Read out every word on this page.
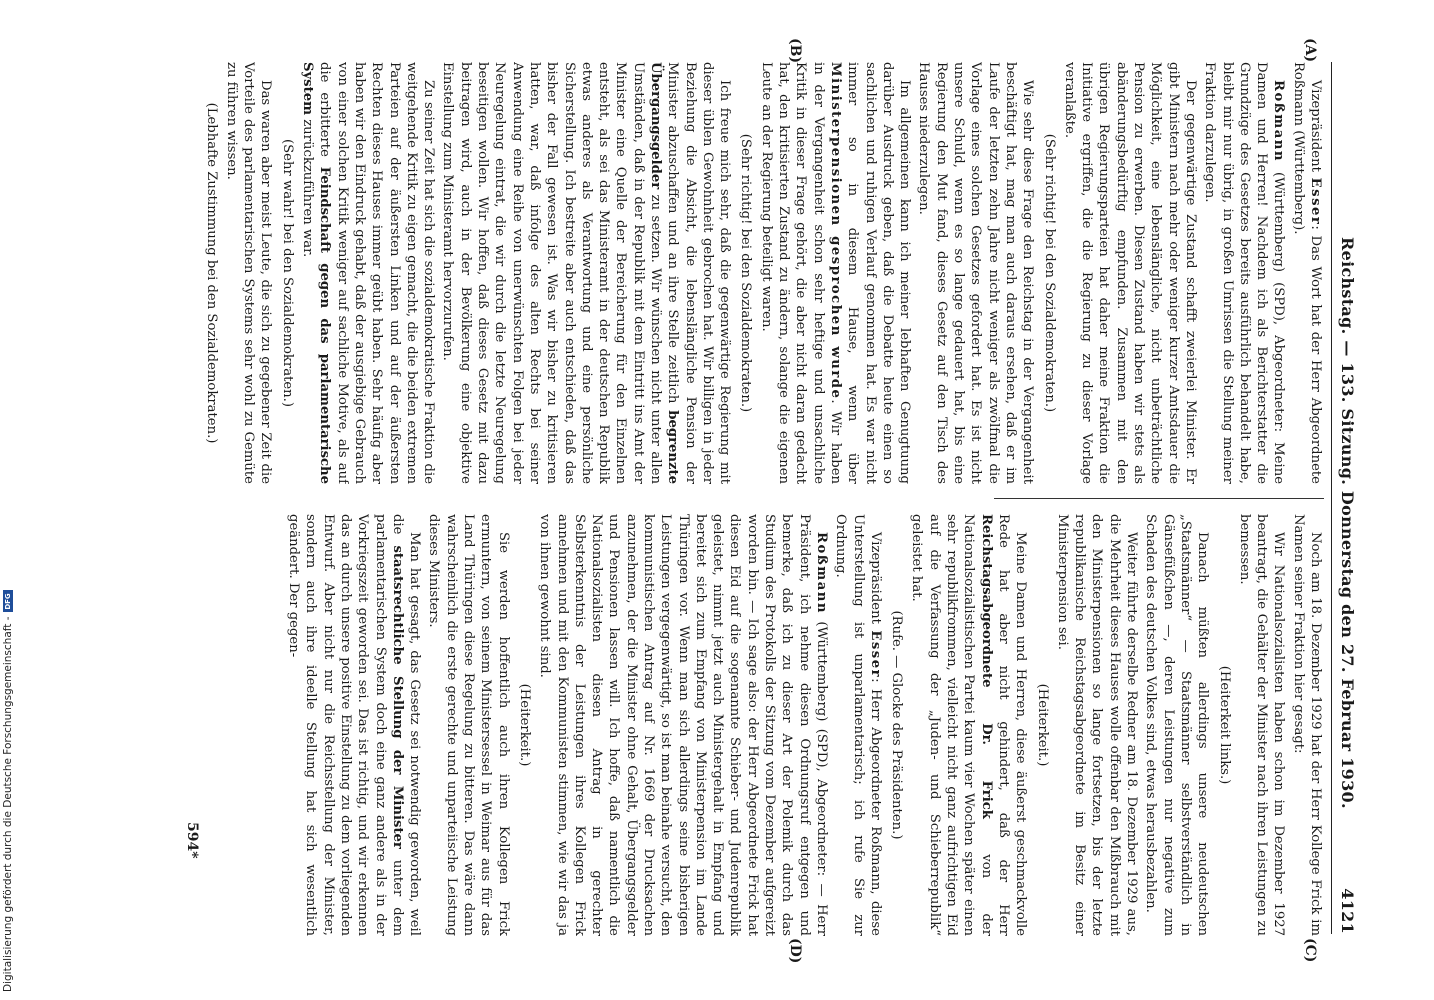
Reichstag. — 133. Sitzung. Donnerstag den 27. Februar 1930.
4121
(A)
(B)
(C)
(D)

Vizepräsident Esser: Das Wort hat der Herr Abgeordnete Roßmann (Württemberg).

Roßmann (Württemberg) (SPD), Abgeordneter: Meine Damen und Herren! Nachdem ich als Berichterstatter die Grundzüge des Gesetzes bereits ausführlich behandelt habe, bleibt mir nur übrig, in großen Umrissen die Stellung meiner Fraktion darzulegen.

Der gegenwärtige Zustand schafft zweierlei Minister. Er gibt Ministern nach mehr oder weniger kurzer Amtsdauer die Möglichkeit, eine lebenslängliche, nicht unbeträchtliche Pension zu erwerben. Diesen Zustand haben wir stets als abänderungsbedürftig empfunden. Zusammen mit den übrigen Regierungsparteien hat daher meine Fraktion die Initiative ergriffen, die die Regierung zu dieser Vorlage veranlaßte.

(Sehr richtig! bei den Sozialdemokraten.)

Wie sehr diese Frage den Reichstag in der Vergangenheit beschäftigt hat, mag man auch daraus ersehen, daß er im Laufe der letzten zehn Jahre nicht weniger als zwölfmal die Vorlage eines solchen Gesetzes gefordert hat. Es ist nicht unsere Schuld, wenn es so lange gedauert hat, bis eine Regierung den Mut fand, dieses Gesetz auf den Tisch des Hauses niederzulegen.

Im allgemeinen kann ich meiner lebhaften Genugtuung darüber Ausdruck geben, daß die Debatte heute einen so sachlichen und ruhigen Verlauf genommen hat. Es war nicht immer so in diesem Hause, wenn über Ministerpensionen gesprochen wurde. Wir haben in der Vergangenheit schon sehr heftige und unsachliche Kritik in dieser Frage gehört, die aber nicht daran gedacht hat, den kritisierten Zustand zu ändern, solange die eigenen Leute an der Regierung beteiligt waren.

(Sehr richtig! bei den Sozialdemokraten.)

Ich freue mich sehr, daß die gegenwärtige Regierung mit dieser üblen Gewohnheit gebrochen hat. Wir billigen in jeder Beziehung die Absicht, die lebenslängliche Pension der Minister abzuschaffen und an ihre Stelle zeitlich begrenzte Übergangsgelder zu setzen. Wir wünschen nicht unter allen Umständen, daß in der Republik mit dem Eintritt ins Amt der Minister eine Quelle der Bereicherung für den Einzelnen entsteht, als sei das Ministeramt in der deutschen Republik etwas anderes als Verantwortung und eine persönliche Sicherstellung. Ich bestreite aber auch entschieden, daß das bisher der Fall gewesen ist. Was wir bisher zu kritisieren hatten, war, daß infolge des alten Rechts bei seiner Anwendung eine Reihe von unerwünschten Folgen bei jeder Neuregelung eintrat, die wir durch die letzte Neuregelung beseitigen wollen. Wir hoffen, daß dieses Gesetz mit dazu beitragen wird, auch in der Bevölkerung eine objektive Einstellung zum Ministeramt hervorzurufen.

Zu seiner Zeit hat sich die sozialdemokratische Fraktion die weitgehende Kritik zu eigen gemacht, die die beiden extremen Parteien auf der äußersten Linken und auf der äußersten Rechten dieses Hauses immer geübt haben. Sehr häufig aber haben wir den Eindruck gehabt, daß der ausgiebige Gebrauch von einer solchen Kritik weniger auf sachliche Motive, als auf die erbitterte Feindschaft gegen das parlamentarische System zurückzuführen war.

(Sehr wahr! bei den Sozialdemokraten.)

Das waren aber meist Leute, die sich zu gegebener Zeit die Vorteile des parlamentarischen Systems sehr wohl zu Gemüte zu führen wissen.

(Lebhafte Zustimmung bei den Sozialdemokraten.)

Noch am 18. Dezember 1929 hat der Herr Kollege Frick im Namen seiner Fraktion hier gesagt:

Wir Nationalsozialisten haben schon im Dezember 1927 beantragt, die Gehälter der Minister nach ihren Leistungen zu bemessen.

(Heiterkeit links.)

Danach müßten allerdings unsere neudeutschen „Staatsmänner“ — Staatsmänner selbstverständlich in Gänsefüßchen —, deren Leistungen nur negative zum Schaden des deutschen Volkes sind, etwas herausbezahlen.

Weiter führte derselbe Redner am 18. Dezember 1929 aus, die Mehrheit dieses Hauses wolle offenbar den Mißbrauch mit den Ministerpensionen so lange fortsetzen, bis der letzte republikanische Reichstagsabgeordnete im Besitz einer Ministerpension sei.

(Heiterkeit.)

Meine Damen und Herren, diese äußerst geschmackvolle Rede hat aber nicht gehindert, daß der Herr Reichstagsabgeordnete Dr. Frick von der Nationalsozialistischen Partei kaum vier Wochen später einen sehr republikfrommen, vielleicht nicht ganz aufrichtigen Eid auf die Verfassung der „Juden- und Schieberrepublik“ geleistet hat.

(Rufe. — Glocke des Präsidenten.)

Vizepräsident Esser: Herr Abgeordneter Roßmann, diese Unterstellung ist unparlamentarisch; ich rufe Sie zur Ordnung.

Roßmann (Württemberg) (SPD), Abgeordneter: — Herr Präsident, ich nehme diesen Ordnungsruf entgegen und bemerke, daß ich zu dieser Art der Polemik durch das Studium des Protokolls der Sitzung vom Dezember aufgereizt worden bin. — Ich sage also: der Herr Abgeordnete Frick hat diesen Eid auf die sogenannte Schieber- und Judenrepublik geleistet, nimmt jetzt auch Ministergehalt in Empfang und bereitet sich zum Empfang von Ministerpension im Lande Thüringen vor. Wenn man sich allerdings seine bisherigen Leistungen vergegenwärtigt, so ist man beinahe versucht, den kommunistischen Antrag auf Nr. 1669 der Drucksachen anzunehmen, der die Minister ohne Gehalt, Übergangsgelder und Pensionen lassen will. Ich hoffe, daß namentlich die Nationalsozialisten diesen Antrag in gerechter Selbsterkenntnis der Leistungen ihres Kollegen Frick annehmen und mit den Kommunisten stimmen, wie wir das ja von ihnen gewohnt sind.

(Heiterkeit.)

Sie werden hoffentlich auch ihren Kollegen Frick ermuntern, von seinem Ministersessel in Weimar aus für das Land Thüringen diese Regelung zu bitteren. Das wäre dann wahrscheinlich die erste gerechte und unparteiische Leistung dieses Ministers.

Man hat gesagt, das Gesetz sei notwendig geworden, weil die staatsrechtliche Stellung der Minister unter dem parlamentarischen System doch eine ganz andere als in der Vorkriegszeit geworden sei. Das ist richtig, und wir erkennen das an durch unsere positive Einstellung zu dem vorliegenden Entwurf. Aber nicht nur die Reichsstellung der Minister, sondern auch ihre ideelle Stellung hat sich wesentlich geändert. Der gegen-

594*
Digitalisierung gefördert durch die Deutsche Forschungsgemeinschaft -
DFG
